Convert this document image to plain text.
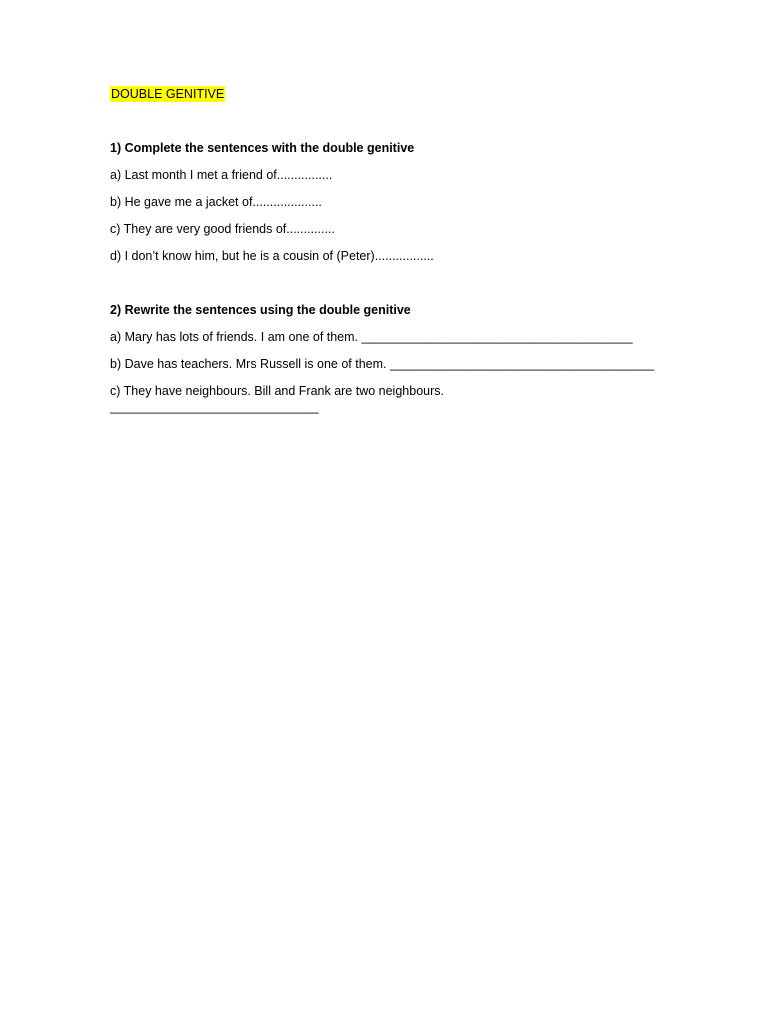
DOUBLE GENITIVE

1) Complete the sentences with the double genitive

a) Last month I met a friend of................

b) He gave me a jacket of....................

c) They are very good friends of..............

d) I don’t know him, but he is a cousin of (Peter).................

2) Rewrite the sentences using the double genitive

a) Mary has lots of friends. I am one of them. _______________________________________

b) Dave has teachers. Mrs Russell is one of them. ______________________________________

c) They have neighbours. Bill and Frank are two neighbours.

______________________________
